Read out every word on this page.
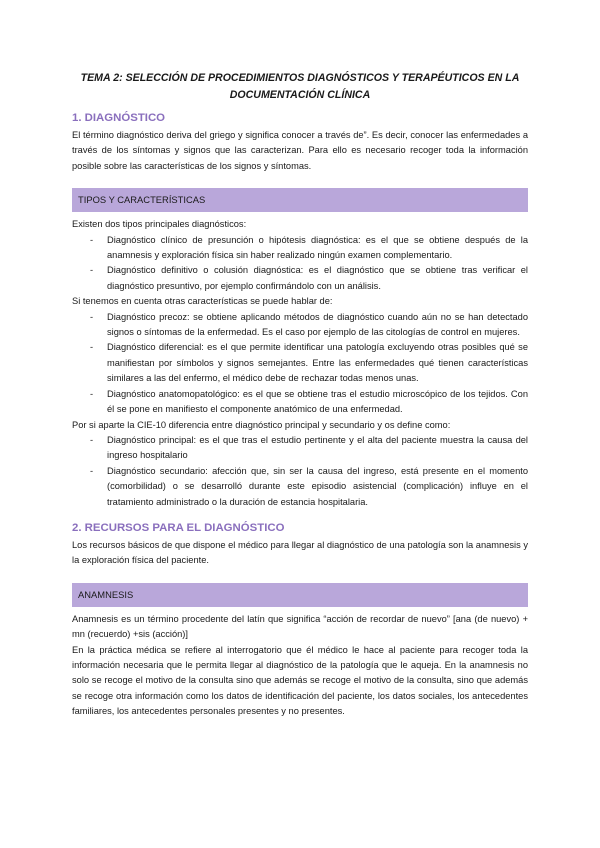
TEMA 2: SELECCIÓN DE PROCEDIMIENTOS DIAGNÓSTICOS Y TERAPÉUTICOS EN LA
DOCUMENTACIÓN CLÍNICA
1. DIAGNÓSTICO

El término diagnóstico deriva del griego y significa conocer a través de”. Es decir, conocer las enfermedades a través de los síntomas y signos que las caracterizan. Para ello es necesario recoger toda la información posible sobre las características de los signos y síntomas.

TIPOS Y CARACTERÍSTICAS

Existen dos tipos principales diagnósticos:

- Diagnóstico clínico de presunción o hipótesis diagnóstica: es el que se obtiene después de la anamnesis y exploración física sin haber realizado ningún examen complementario.
- Diagnóstico definitivo o colusión diagnóstica: es el diagnóstico que se obtiene tras verificar el diagnóstico presuntivo, por ejemplo confirmándolo con un análisis.

Si tenemos en cuenta otras características se puede hablar de:

- Diagnóstico precoz: se obtiene aplicando métodos de diagnóstico cuando aún no se han detectado signos o síntomas de la enfermedad. Es el caso por ejemplo de las citologías de control en mujeres.
- Diagnóstico diferencial: es el que permite identificar una patología excluyendo otras posibles qué se manifiestan por símbolos y signos semejantes. Entre las enfermedades qué tienen características similares a las del enfermo, el médico debe de rechazar todas menos unas.
- Diagnóstico anatomopatológico: es el que se obtiene tras el estudio microscópico de los tejidos. Con él se pone en manifiesto el componente anatómico de una enfermedad.

Por si aparte la CIE-10 diferencia entre diagnóstico principal y secundario y os define como:

- Diagnóstico principal: es el que tras el estudio pertinente y el alta del paciente muestra la causa del ingreso hospitalario
- Diagnóstico secundario: afección que, sin ser la causa del ingreso, está presente en el momento (comorbilidad) o se desarrolló durante este episodio asistencial (complicación) influye en el tratamiento administrado o la duración de estancia hospitalaria.
2. RECURSOS PARA EL DIAGNÓSTICO

Los recursos básicos de que dispone el médico para llegar al diagnóstico de una patología son la anamnesis y la exploración física del paciente.

ANAMNESIS

Anamnesis es un término procedente del latín que significa “acción de recordar de nuevo” [ana (de nuevo) + mn (recuerdo) +sis (acción)]

En la práctica médica se refiere al interrogatorio que él médico le hace al paciente para recoger toda la información necesaria que le permita llegar al diagnóstico de la patología que le aqueja. En la anamnesis no solo se recoge el motivo de la consulta sino que además se recoge el motivo de la consulta, sino que además se recoge otra información como los datos de identificación del paciente, los datos sociales, los antecedentes familiares, los antecedentes personales presentes y no presentes.
